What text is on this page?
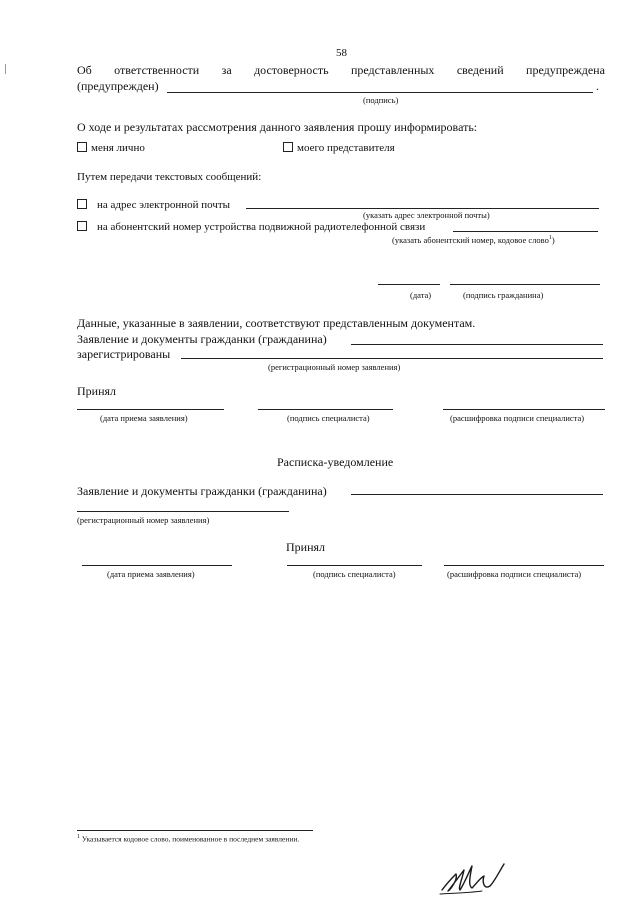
58
Об ответственности за достоверность представленных сведений предупреждена
(предупрежден)	.
(подпись)
О ходе и результатах рассмотрения данного заявления прошу информировать:
меня лично	моего представителя
Путем передачи текстовых сообщений:
на адрес электронной почты
(указать адрес электронной почты)
на абонентский номер устройства подвижной радиотелефонной связи
(указать абонентский номер, кодовое слово$^1$)
(дата)	(подпись гражданина)
Данные, указанные в заявлении, соответствуют представленным документам.
Заявление и документы гражданки (гражданина)
зарегистрированы
(регистрационный номер заявления)
Принял
(дата приема заявления)	(подпись специалиста)	(расшифровка подписи специалиста)
Расписка-уведомление
Заявление и документы гражданки (гражданина)
(регистрационный номер заявления)
Принял
(дата приема заявления)	(подпись специалиста)	(расшифровка подписи специалиста)
$^1$ Указывается кодовое слово, поименованное в последнем заявлении.
